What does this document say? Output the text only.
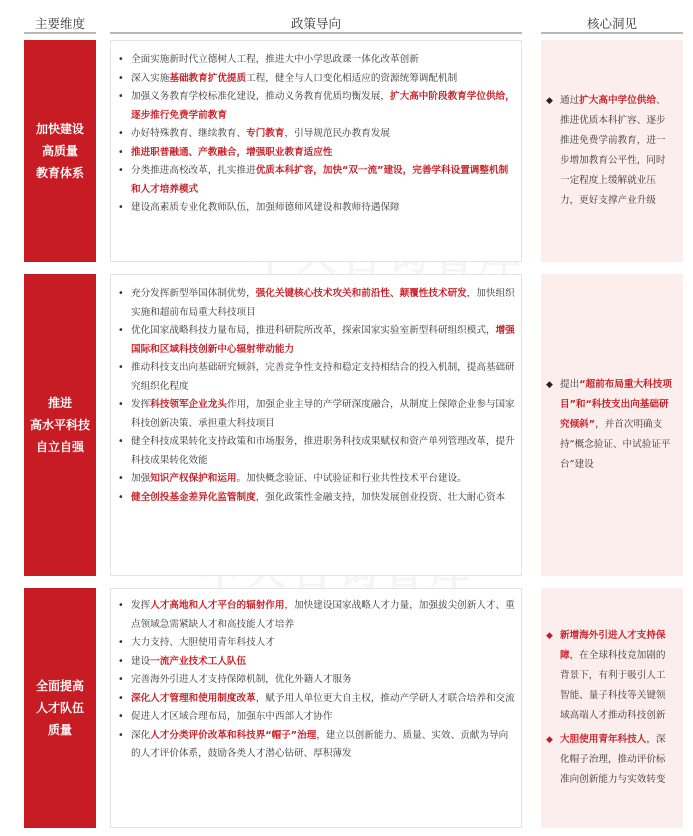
主要维度	政策导向	核心洞见
加快建设
高质量
教育体系
• 全面实施新时代立德树人工程，推进大中小学思政课一体化改革创新
• 深入实施基础教育扩优提质工程，健全与人口变化相适应的资源统筹调配机制
• 加强义务教育学校标准化建设，推动义务教育优质均衡发展，扩大高中阶段教育学位供给，逐步推行免费学前教育
• 办好特殊教育、继续教育、专门教育，引导规范民办教育发展
• 推进职普融通、产教融合，增强职业教育适应性
• 分类推进高校改革，扎实推进优质本科扩容，加快“双一流”建设，完善学科设置调整机制和人才培养模式
• 建设高素质专业化教师队伍，加强师德师风建设和教师待遇保障

◆ 通过扩大高中学位供给、推进优质本科扩容、逐步推进免费学前教育，进一步增加教育公平性，同时一定程度上缓解就业压力，更好支撑产业升级

推进
高水平科技
自立自强
• 充分发挥新型举国体制优势，强化关键核心技术攻关和前沿性、颠覆性技术研发，加快组织实施和超前布局重大科技项目
• 优化国家战略科技力量布局，推进科研院所改革，探索国家实验室新型科研组织模式，增强国际和区域科技创新中心辐射带动能力
• 推动科技支出向基础研究倾斜，完善竞争性支持和稳定支持相结合的投入机制，提高基础研究组织化程度
• 发挥科技领军企业龙头作用，加强企业主导的产学研深度融合，从制度上保障企业参与国家科技创新决策、承担重大科技项目
• 健全科技成果转化支持政策和市场服务，推进职务科技成果赋权和资产单列管理改革，提升科技成果转化效能
• 加强知识产权保护和运用。加快概念验证、中试验证和行业共性技术平台建设。
• 健全创投基金差异化监管制度，强化政策性金融支持，加快发展创业投资、壮大耐心资本

◆ 提出“超前布局重大科技项目”和“科技支出向基础研究倾斜”，并首次明确支持“概念验证、中试验证平台”建设

全面提高
人才队伍
质量
• 发挥人才高地和人才平台的辐射作用，加快建设国家战略人才力量，加强拔尖创新人才、重点领域急需紧缺人才和高技能人才培养
• 大力支持、大胆使用青年科技人才
• 建设一流产业技术工人队伍
• 完善海外引进人才支持保障机制，优化外籍人才服务
• 深化人才管理和使用制度改革，赋予用人单位更大自主权，推动产学研人才联合培养和交流
• 促进人才区域合理布局，加强东中西部人才协作
• 深化人才分类评价改革和科技界“帽子”治理，建立以创新能力、质量、实效、贡献为导向的人才评价体系，鼓励各类人才潜心钻研、厚积薄发

◆ 新增海外引进人才支持保障，在全球科技竞加剧的背景下，有利于吸引人工智能、量子科技等关键领域高端人才推动科技创新

◆ 大胆使用青年科技人，深化帽子治理，推动评价标准向创新能力与实效转变
